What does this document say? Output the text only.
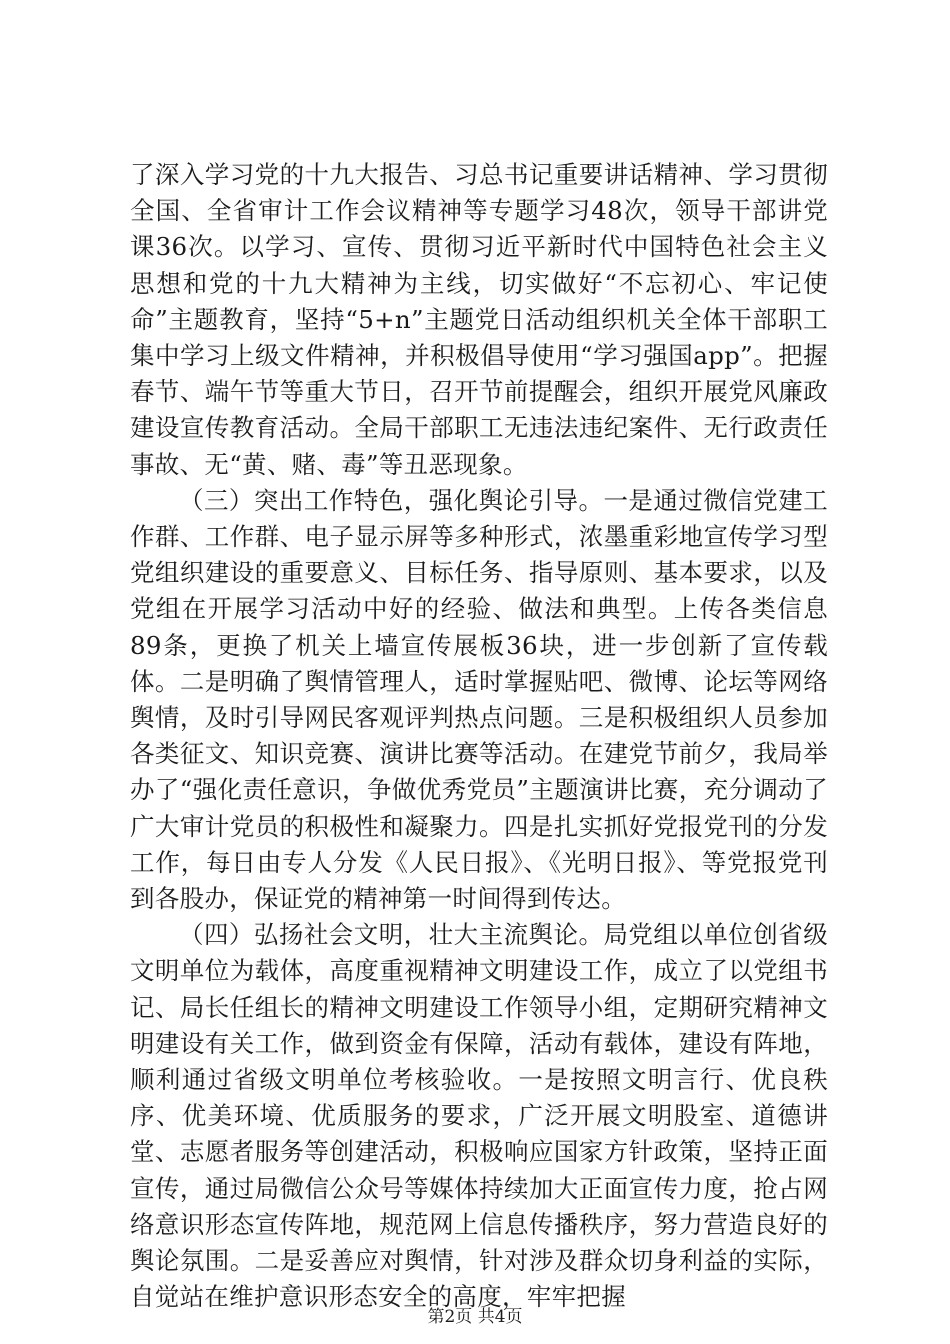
了深入学习党的十九大报告、习总书记重要讲话精神、学习贯彻全国、全省审计工作会议精神等专题学习48次，领导干部讲党课36次。以学习、宣传、贯彻习近平新时代中国特色社会主义思想和党的十九大精神为主线，切实做好“不忘初心、牢记使命”主题教育，坚持“5+n”主题党日活动组织机关全体干部职工集中学习上级文件精神，并积极倡导使用“学习强国app”。把握春节、端午节等重大节日，召开节前提醒会，组织开展党风廉政建设宣传教育活动。全局干部职工无违法违纪案件、无行政责任事故、无“黄、赌、毒”等丑恶现象。

（三）突出工作特色，强化舆论引导。一是通过微信党建工作群、工作群、电子显示屏等多种形式，浓墨重彩地宣传学习型党组织建设的重要意义、目标任务、指导原则、基本要求，以及党组在开展学习活动中好的经验、做法和典型。上传各类信息89条，更换了机关上墙宣传展板36块，进一步创新了宣传载体。二是明确了舆情管理人，适时掌握贴吧、微博、论坛等网络舆情，及时引导网民客观评判热点问题。三是积极组织人员参加各类征文、知识竞赛、演讲比赛等活动。在建党节前夕，我局举办了“强化责任意识，争做优秀党员”主题演讲比赛，充分调动了广大审计党员的积极性和凝聚力。四是扎实抓好党报党刊的分发工作，每日由专人分发《人民日报》、《光明日报》、等党报党刊到各股办，保证党的精神第一时间得到传达。

（四）弘扬社会文明，壮大主流舆论。局党组以单位创省级文明单位为载体，高度重视精神文明建设工作，成立了以党组书记、局长任组长的精神文明建设工作领导小组，定期研究精神文明建设有关工作，做到资金有保障，活动有载体，建设有阵地，顺利通过省级文明单位考核验收。一是按照文明言行、优良秩序、优美环境、优质服务的要求，广泛开展文明股室、道德讲堂、志愿者服务等创建活动，积极响应国家方针政策，坚持正面宣传，通过局微信公众号等媒体持续加大正面宣传力度，抢占网络意识形态宣传阵地，规范网上信息传播秩序，努力营造良好的舆论氛围。二是妥善应对舆情，针对涉及群众切身利益的实际，自觉站在维护意识形态安全的高度，牢牢把握

第2页 共4页
